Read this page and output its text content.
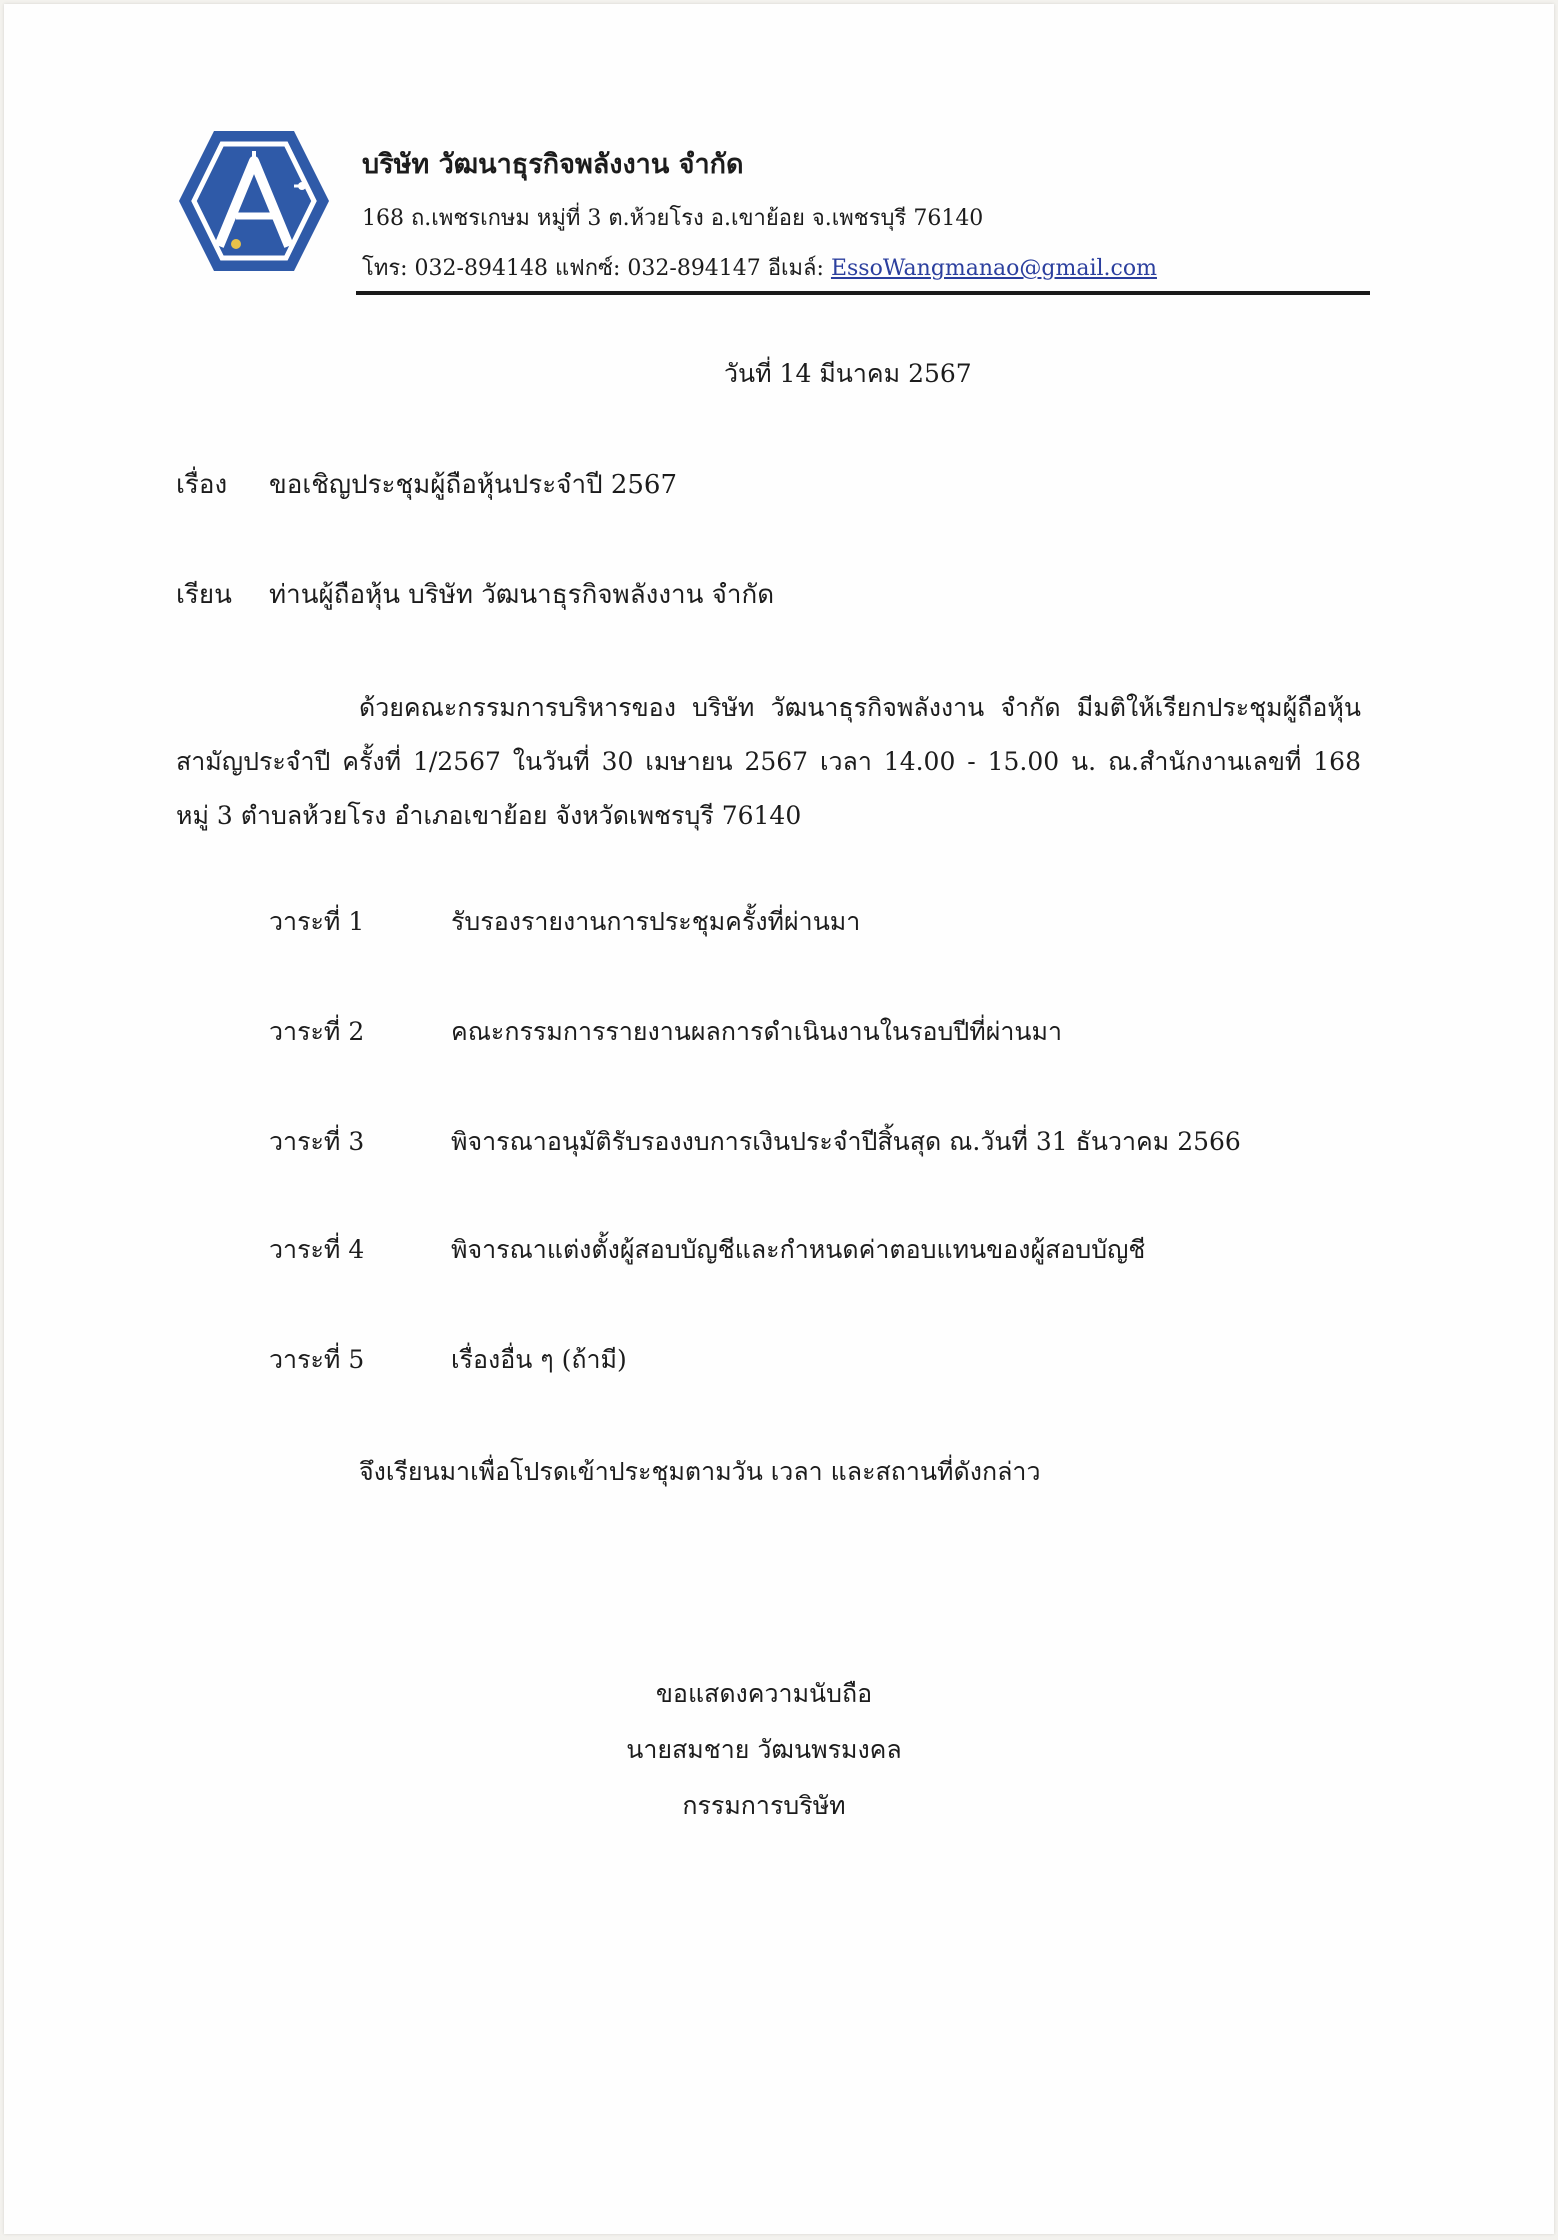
บริษัท วัฒนาธุรกิจพลังงาน จำกัด
168 ถ.เพชรเกษม หมู่ที่ 3 ต.ห้วยโรง อ.เขาย้อย จ.เพชรบุรี 76140
โทร: 032-894148 แฟกซ์: 032-894147 อีเมล์: EssoWangmanao@gmail.com
วันที่ 14 มีนาคม 2567
เรื่อง ขอเชิญประชุมผู้ถือหุ้นประจำปี 2567
เรียน ท่านผู้ถือหุ้น บริษัท วัฒนาธุรกิจพลังงาน จำกัด
ด้วยคณะกรรมการบริหารของ บริษัท วัฒนาธุรกิจพลังงาน จำกัด มีมติให้เรียกประชุมผู้ถือหุ้น
สามัญประจำปี ครั้งที่ 1/2567 ในวันที่ 30 เมษายน 2567 เวลา 14.00 - 15.00 น. ณ.สำนักงานเลขที่ 168
หมู่ 3 ตำบลห้วยโรง อำเภอเขาย้อย จังหวัดเพชรบุรี 76140
วาระที่ 1	รับรองรายงานการประชุมครั้งที่ผ่านมา
วาระที่ 2	คณะกรรมการรายงานผลการดำเนินงานในรอบปีที่ผ่านมา
วาระที่ 3	พิจารณาอนุมัติรับรองงบการเงินประจำปีสิ้นสุด ณ.วันที่ 31 ธันวาคม 2566
วาระที่ 4	พิจารณาแต่งตั้งผู้สอบบัญชีและกำหนดค่าตอบแทนของผู้สอบบัญชี
วาระที่ 5	เรื่องอื่น ๆ (ถ้ามี)
จึงเรียนมาเพื่อโปรดเข้าประชุมตามวัน เวลา และสถานที่ดังกล่าว
ขอแสดงความนับถือ
นายสมชาย วัฒนพรมงคล
กรรมการบริษัท
